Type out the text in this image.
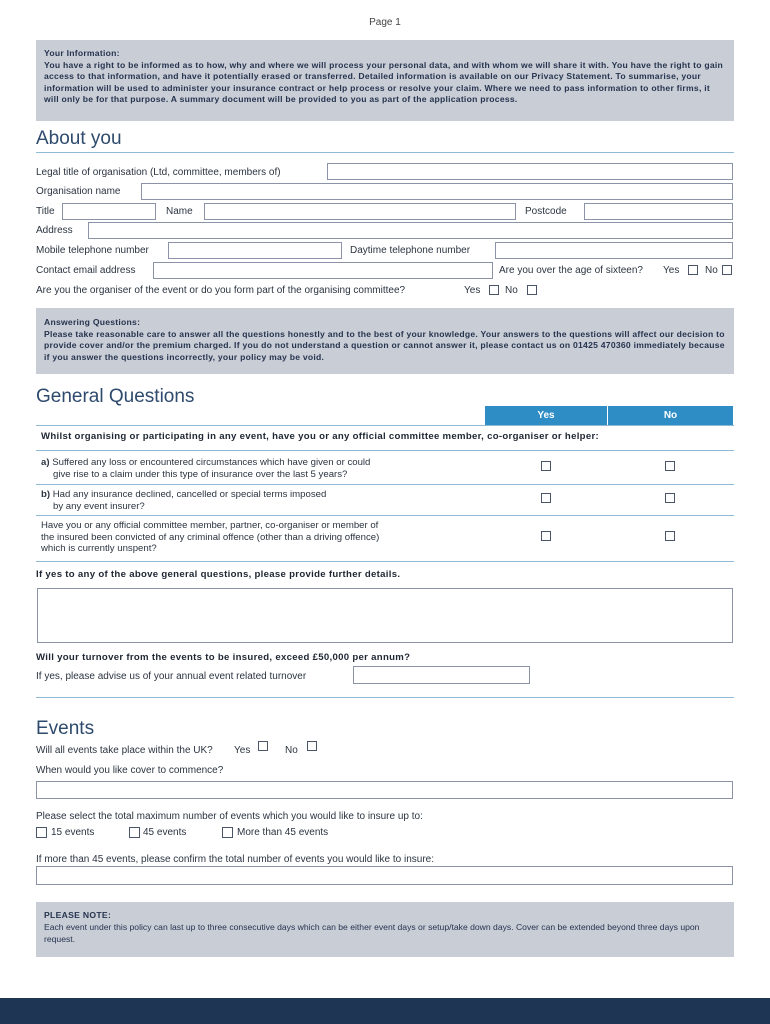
Page 1
Your Information:
You have a right to be informed as to how, why and where we will process your personal data, and with whom we will share it with. You have the right to gain access to that information, and have it potentially erased or transferred. Detailed information is available on our Privacy Statement. To summarise, your information will be used to administer your insurance contract or help process or resolve your claim. Where we need to pass information to other firms, it will only be for that purpose. A summary document will be provided to you as part of the application process.
About you
Legal title of organisation (Ltd, committee, members of)
Organisation name
Title	Name	Postcode
Address
Mobile telephone number	Daytime telephone number
Contact email address	Are you over the age of sixteen? Yes	No
Are you the organiser of the event or do you form part of the organising committee?	Yes No
Answering Questions:
Please take reasonable care to answer all the questions honestly and to the best of your knowledge. Your answers to the questions will affect our decision to provide cover and/or the premium charged. If you do not understand a question or cannot answer it, please contact us on 01425 470360 immediately because if you answer the questions incorrectly, your policy may be void.
General Questions
Yes	No
Whilst organising or participating in any event, have you or any official committee member, co-organiser or helper:
a) Suffered any loss or encountered circumstances which have given or could
give rise to a claim under this type of insurance over the last 5 years?
b) Had any insurance declined, cancelled or special terms imposed
by any event insurer?
Have you or any official committee member, partner, co-organiser or member of
the insured been convicted of any criminal offence (other than a driving offence)
which is currently unspent?
If yes to any of the above general questions, please provide further details.
Will your turnover from the events to be insured, exceed £50,000 per annum?
If yes, please advise us of your annual event related turnover
Events
Will all events take place within the UK? Yes	No
When would you like cover to commence?
Please select the total maximum number of events which you would like to insure up to:
15 events	45 events	More than 45 events
If more than 45 events, please confirm the total number of events you would like to insure:
PLEASE NOTE:
Each event under this policy can last up to three consecutive days which can be either event days or setup/take down days. Cover can be extended beyond three days upon request.
